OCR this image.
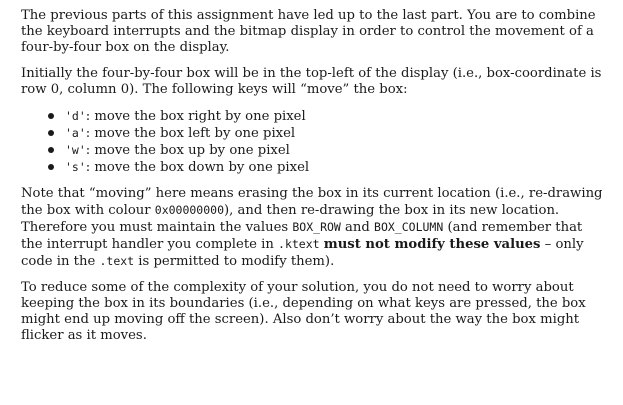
The previous parts of this assignment have led up to the last part. You are to combine the keyboard interrupts and the bitmap display in order to control the movement of a four-by-four box on the display.

Initially the four-by-four box will be in the top-left of the display (i.e., box-coordinate is row 0, column 0). The following keys will “move” the box:

'd': move the box right by one pixel
'a': move the box left by one pixel
'w': move the box up by one pixel
's': move the box down by one pixel

Note that “moving” here means erasing the box in its current location (i.e., re-drawing the box with colour 0x00000000), and then re-drawing the box in its new location. Therefore you must maintain the values BOX_ROW and BOX_COLUMN (and remember that the interrupt handler you complete in .ktext must not modify these values – only code in the .text is permitted to modify them).

To reduce some of the complexity of your solution, you do not need to worry about keeping the box in its boundaries (i.e., depending on what keys are pressed, the box might end up moving off the screen). Also don’t worry about the way the box might flicker as it moves.
